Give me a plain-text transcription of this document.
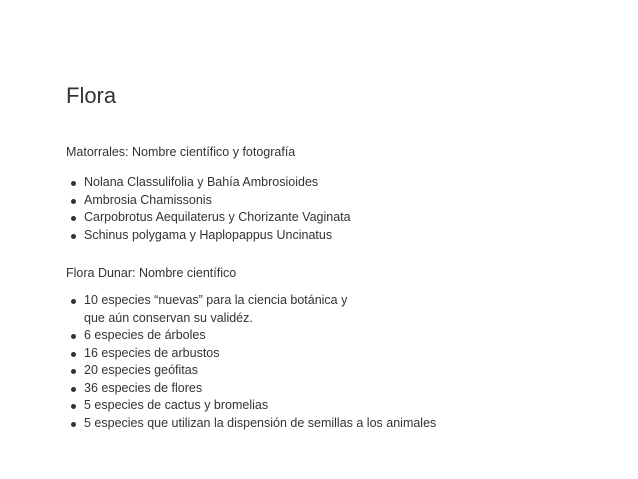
Flora

Matorrales: Nombre científico y fotografía

Nolana Classulifolia y Bahía Ambrosioides
Ambrosia Chamissonis
Carpobrotus Aequilaterus y Chorizante Vaginata
Schinus polygama y Haplopappus Uncinatus

Flora Dunar: Nombre científico

10 especies “nuevas” para la ciencia botánica y
que aún conservan su validéz.
6 especies de árboles
16 especies de arbustos
20 especies geófitas
36 especies de flores
5 especies de cactus y bromelias
5 especies que utilizan la dispensión de semillas a los animales
